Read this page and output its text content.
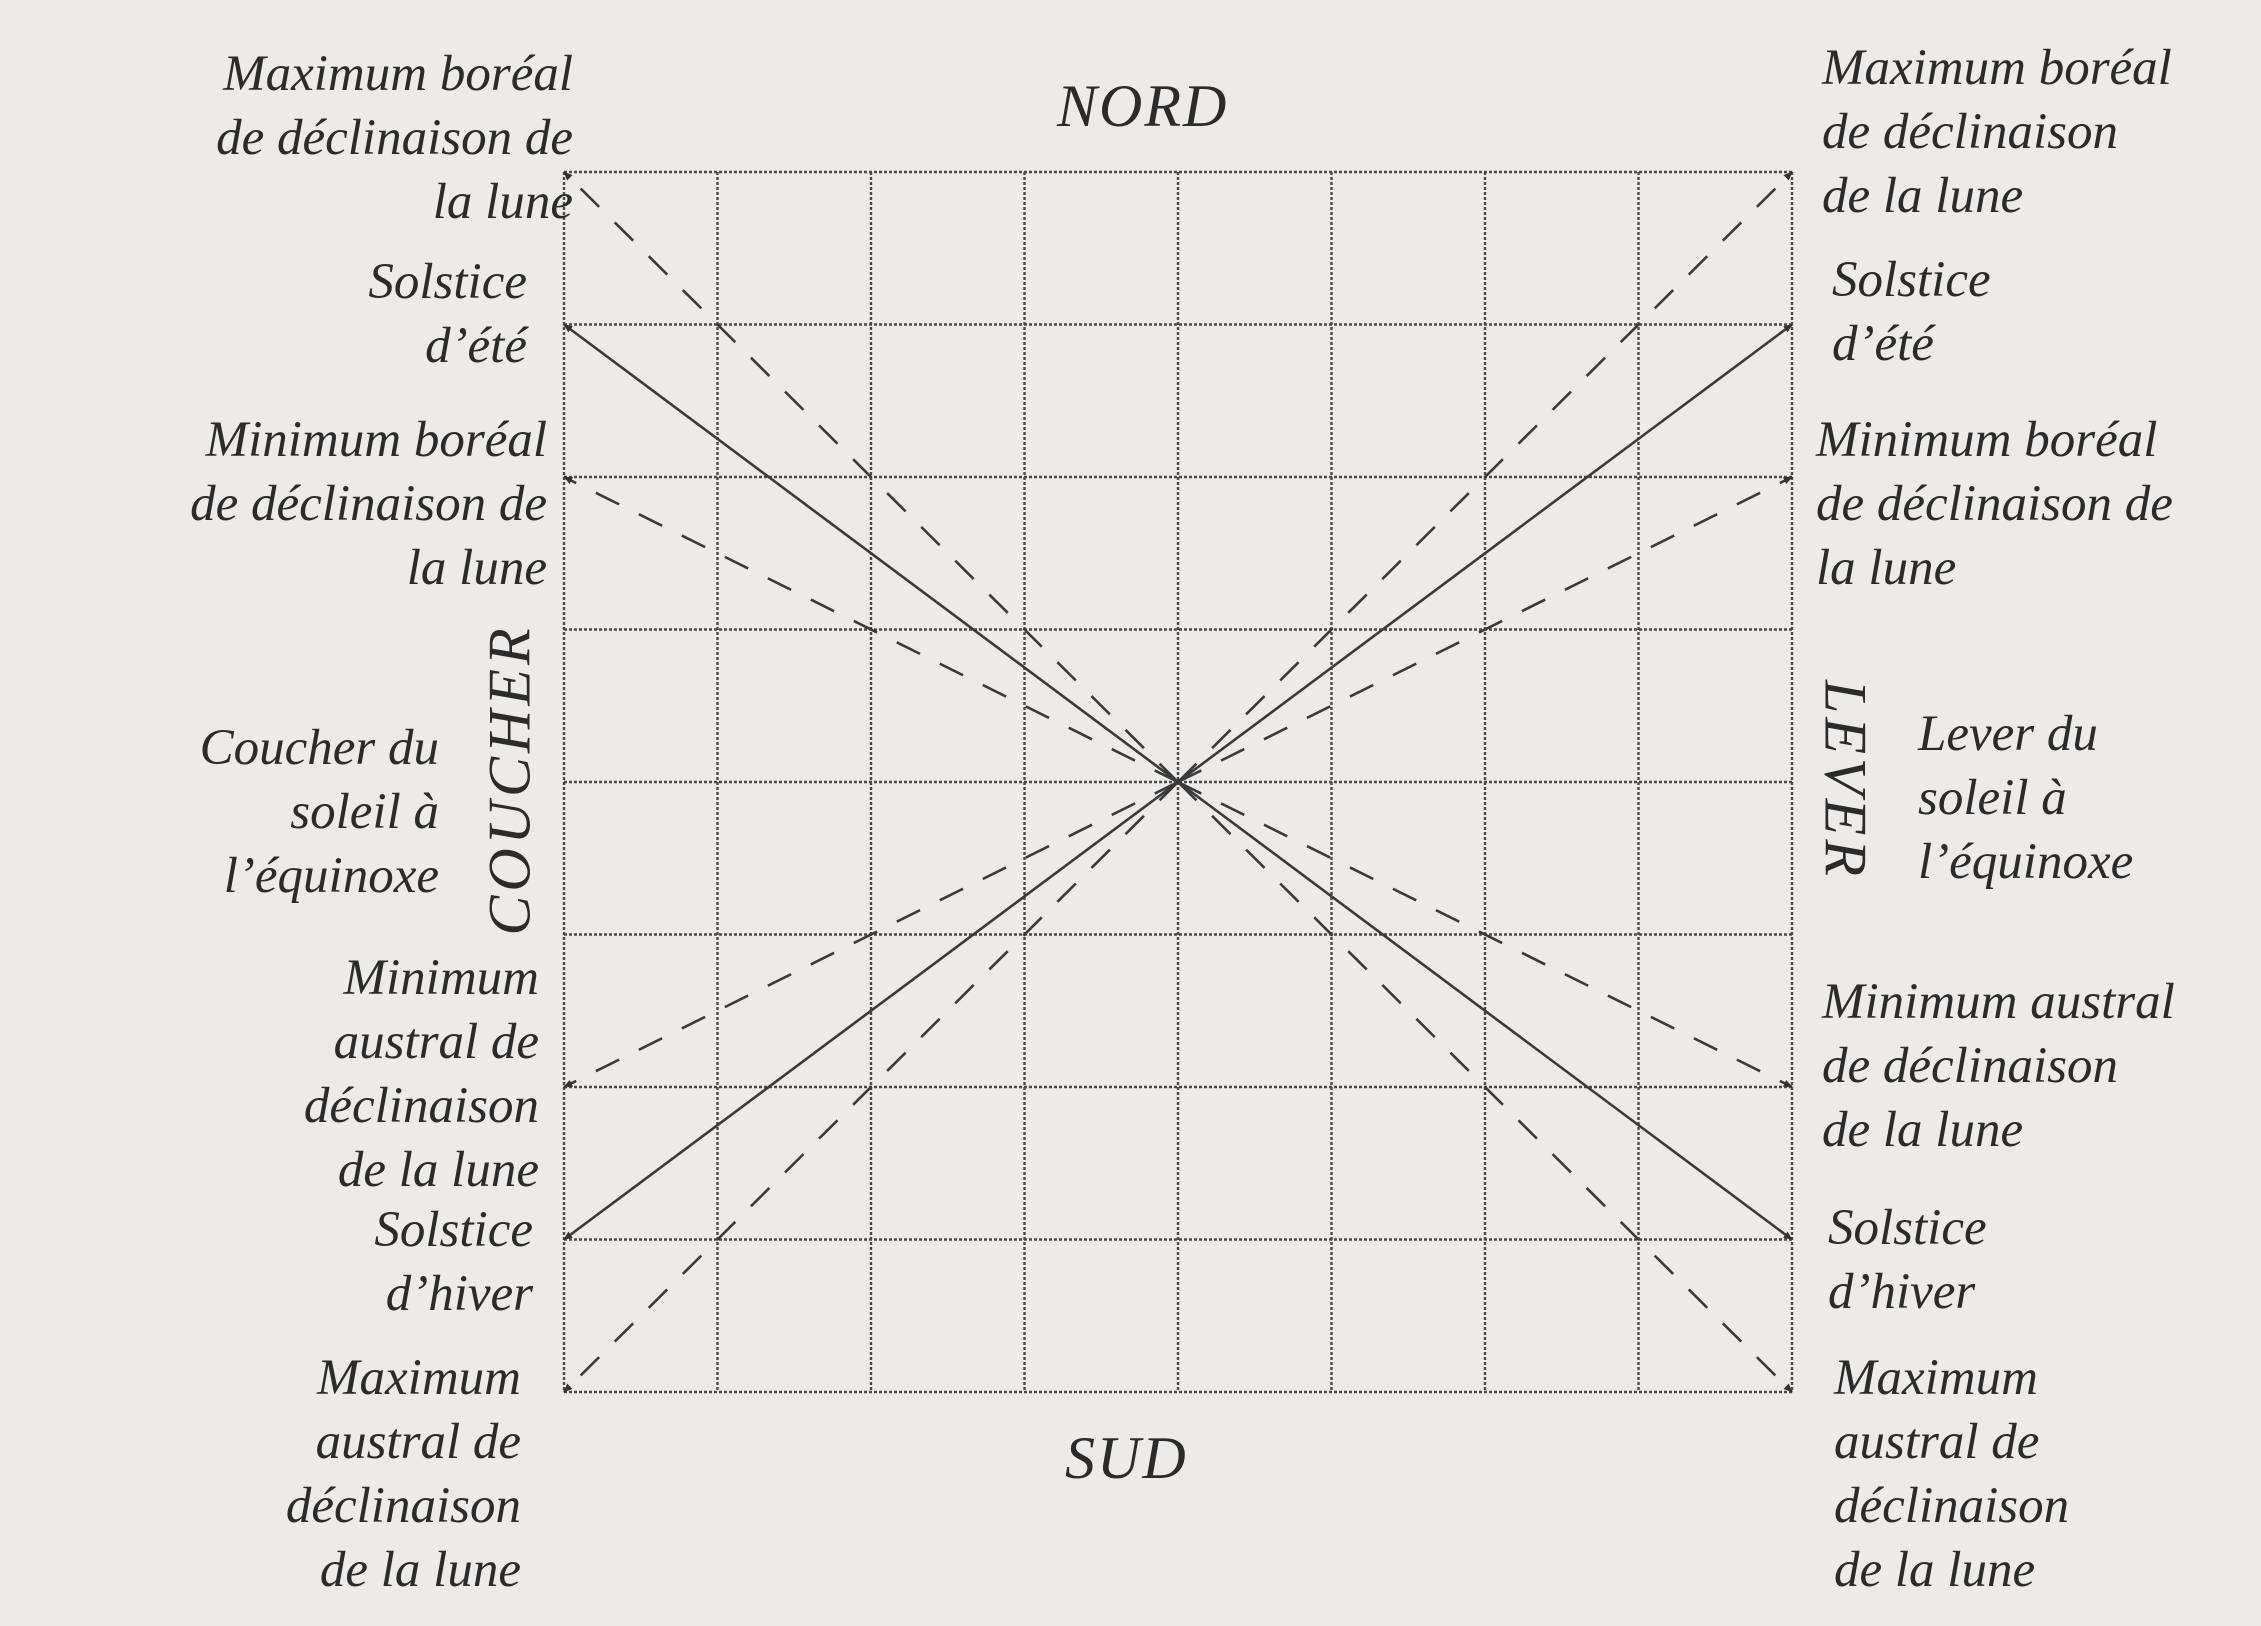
NORD
SUD
COUCHER	LEVER
Maximum boréal
de déclinaison de
la lune
Solstice
d’été
Minimum boréal
de déclinaison de
la lune
Coucher du
soleil à
l’équinoxe
Minimum
austral de
déclinaison
de la lune
Solstice
d’hiver
Maximum
austral de
déclinaison
de la lune
Maximum boréal
de déclinaison
de la lune
Solstice
d’été
Minimum boréal
de déclinaison de
la lune
Lever du
soleil à
l’équinoxe
Minimum austral
de déclinaison
de la lune
Solstice
d’hiver
Maximum
austral de
déclinaison
de la lune
